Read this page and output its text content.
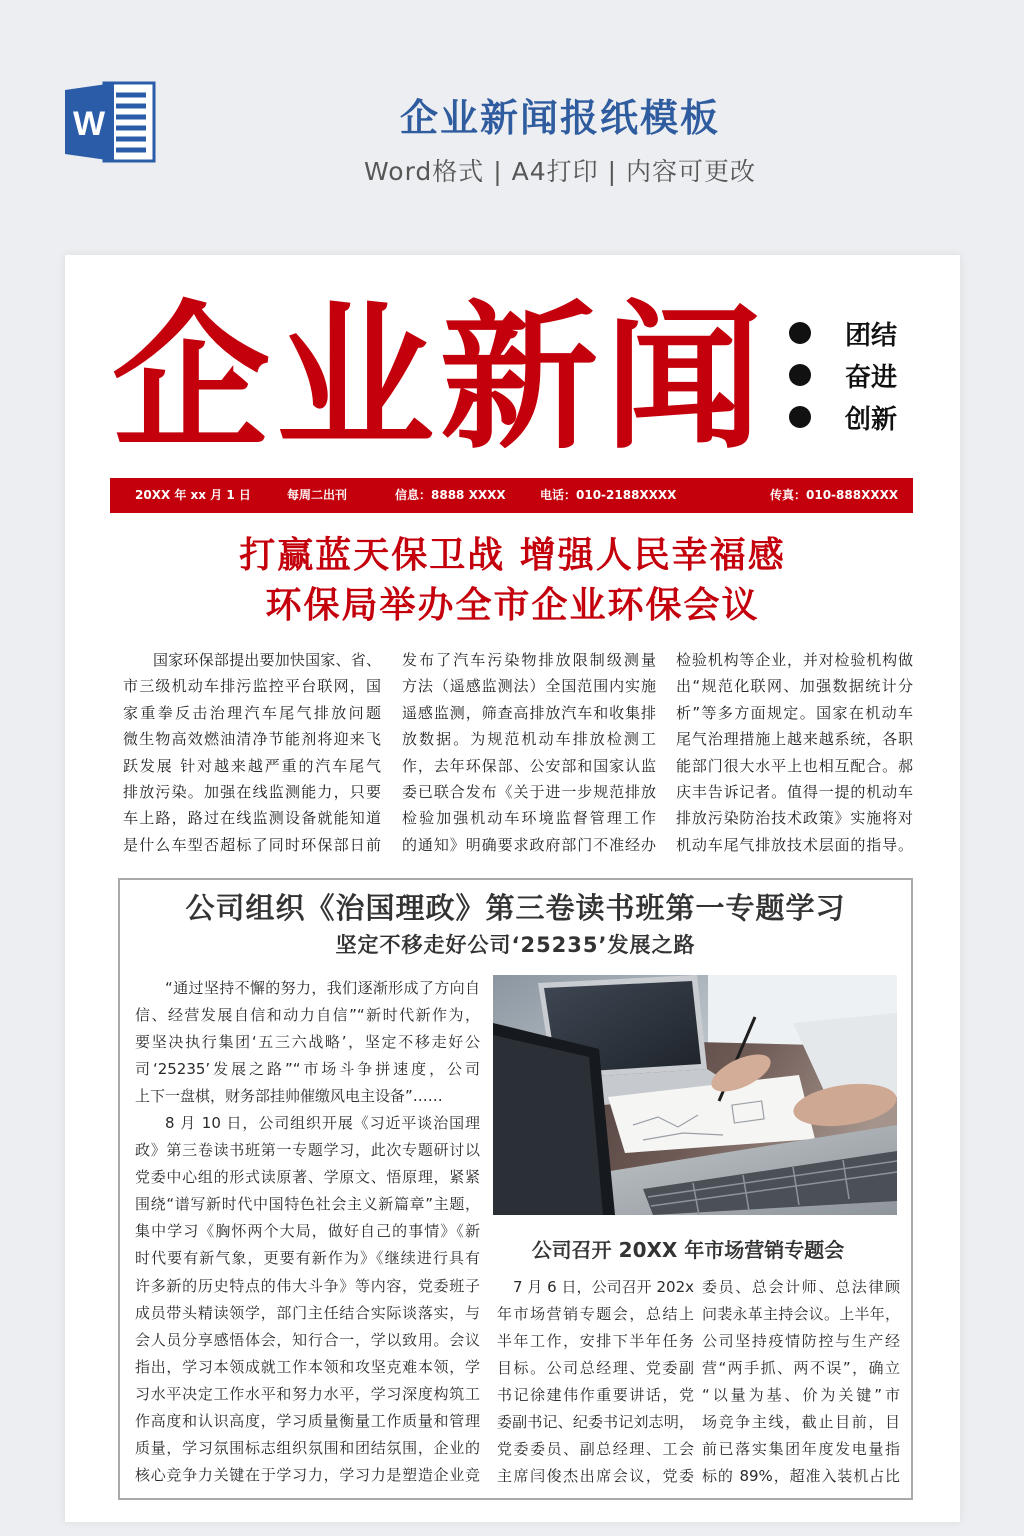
W	企业新闻报纸模板
Word格式 | A4打印 | 内容可更改
企业新闻	团结
奋进
创新
20XX 年 xx 月 1 日	每周二出刊	信息：8888 XXXX	电话：010-2188XXXX	传真：010-888XXXX
打赢蓝天保卫战 增强人民幸福感
环保局举办全市企业环保会议
国家环保部提出要加快国家、省、
市三级机动车排污监控平台联网，国
家重拳反击治理汽车尾气排放问题
微生物高效燃油清净节能剂将迎来飞
跃发展 针对越来越严重的汽车尾气
排放污染。加强在线监测能力，只要
车上路，路过在线监测设备就能知道
是什么车型否超标了同时环保部日前
发布了汽车污染物排放限制级测量
方法（遥感监测法）全国范围内实施
遥感监测，筛查高排放汽车和收集排
放数据。为规范机动车排放检测工
作，去年环保部、公安部和国家认监
委已联合发布《关于进一步规范排放
检验加强机动车环境监督管理工作
的通知》明确要求政府部门不准经办
检验机构等企业，并对检验机构做
出“规范化联网、加强数据统计分
析”等多方面规定。国家在机动车
尾气治理措施上越来越系统，各职
能部门很大水平上也相互配合。郝
庆丰告诉记者。值得一提的机动车
排放污染防治技术政策》实施将对
机动车尾气排放技术层面的指导。
公司组织《治国理政》第三卷读书班第一专题学习
坚定不移走好公司‘25235’发展之路
“通过坚持不懈的努力，我们逐渐形成了方向自
信、经营发展自信和动力自信”“新时代新作为，
要坚决执行集团‘五三六战略’，坚定不移走好公
司‘25235’发展之路”“市场斗争拼速度，公司
上下一盘棋，财务部挂帅催缴风电主设备”……
8 月 10 日，公司组织开展《习近平谈治国理
政》第三卷读书班第一专题学习，此次专题研讨以
党委中心组的形式读原著、学原文、悟原理，紧紧
围绕“谱写新时代中国特色社会主义新篇章”主题，
集中学习《胸怀两个大局，做好自己的事情》《新
时代要有新气象，更要有新作为》《继续进行具有
许多新的历史特点的伟大斗争》等内容，党委班子
成员带头精读领学，部门主任结合实际谈落实，与
会人员分享感悟体会，知行合一，学以致用。会议
指出，学习本领成就工作本领和攻坚克难本领，学
习水平决定工作水平和努力水平，学习深度构筑工
作高度和认识高度，学习质量衡量工作质量和管理
质量，学习氛围标志组织氛围和团结氛围，企业的
核心竞争力关键在于学习力，学习力是塑造企业竞
公司召开 20XX 年市场营销专题会
7 月 6 日，公司召开 202x
年市场营销专题会，总结上
半年工作，安排下半年任务
目标。公司总经理、党委副
书记徐建伟作重要讲话，党
委副书记、纪委书记刘志明，
党委委员、副总经理、工会
主席闫俊杰出席会议，党委
委员、总会计师、总法律顾
问裴永革主持会议。上半年，
公司坚持疫情防控与生产经
营“两手抓、两不误”，确立
“以量为基、价为关键”市
场竞争主线，截止目前，目
前已落实集团年度发电量指
标的 89%，超准入装机占比
